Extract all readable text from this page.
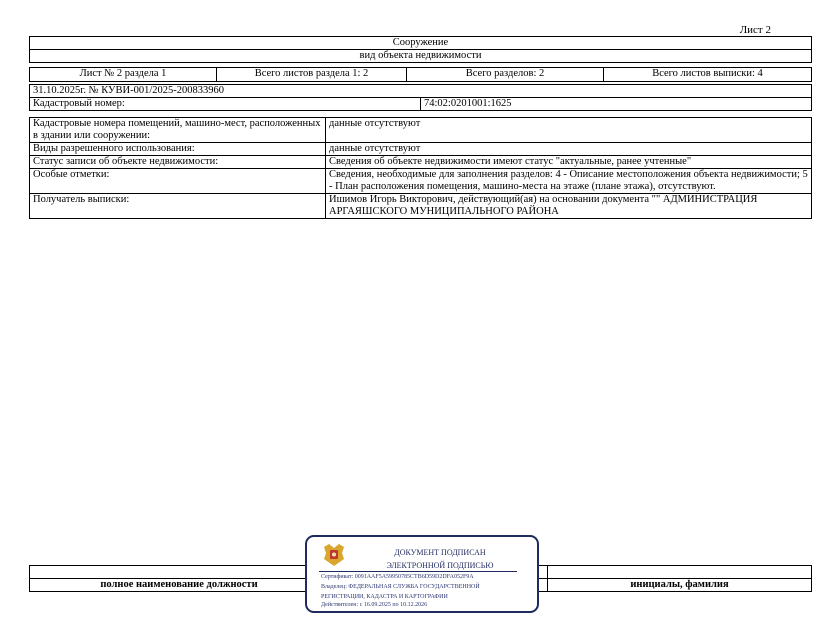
Лист 2
Сооружение
вид объекта недвижимости
Лист № 2 раздела 1	Всего листов раздела 1: 2	Всего разделов: 2	Всего листов выписки: 4
31.10.2025г. № КУВИ-001/2025-200833960
Кадастровый номер:	74:02:0201001:1625
Кадастровые номера помещений, машино-мест, расположенных в здании или сооружении:	данные отсутствуют
Виды разрешенного использования:	данные отсутствуют
Статус записи об объекте недвижимости:	Сведения об объекте недвижимости имеют статус "актуальные, ранее учтенные"
Особые отметки:	Сведения, необходимые для заполнения разделов: 4 - Описание местоположения объекта недвижимости; 5 - План расположения помещения, машино-места на этаже (плане этажа), отсутствуют.
Получатель выписки:	Ишимов Игорь Викторович, действующий(ая) на основании документа "" АДМИНИСТРАЦИЯ АРГАЯШСКОГО МУНИЦИПАЛЬНОГО РАЙОНА

полное наименование должности		инициалы, фамилия
ДОКУМЕНТ ПОДПИСАН
ЭЛЕКТРОННОЙ ПОДПИСЬЮ
Сертификат: 0091AAF5A59950785CTB6D59D2DFA052F9A
Владелец: ФЕДЕРАЛЬНАЯ СЛУЖБА ГОСУДАРСТВЕННОЙ
РЕГИСТРАЦИИ, КАДАСТРА И КАРТОГРАФИИ
Действителен: с 16.09.2025 по 10.12.2026
